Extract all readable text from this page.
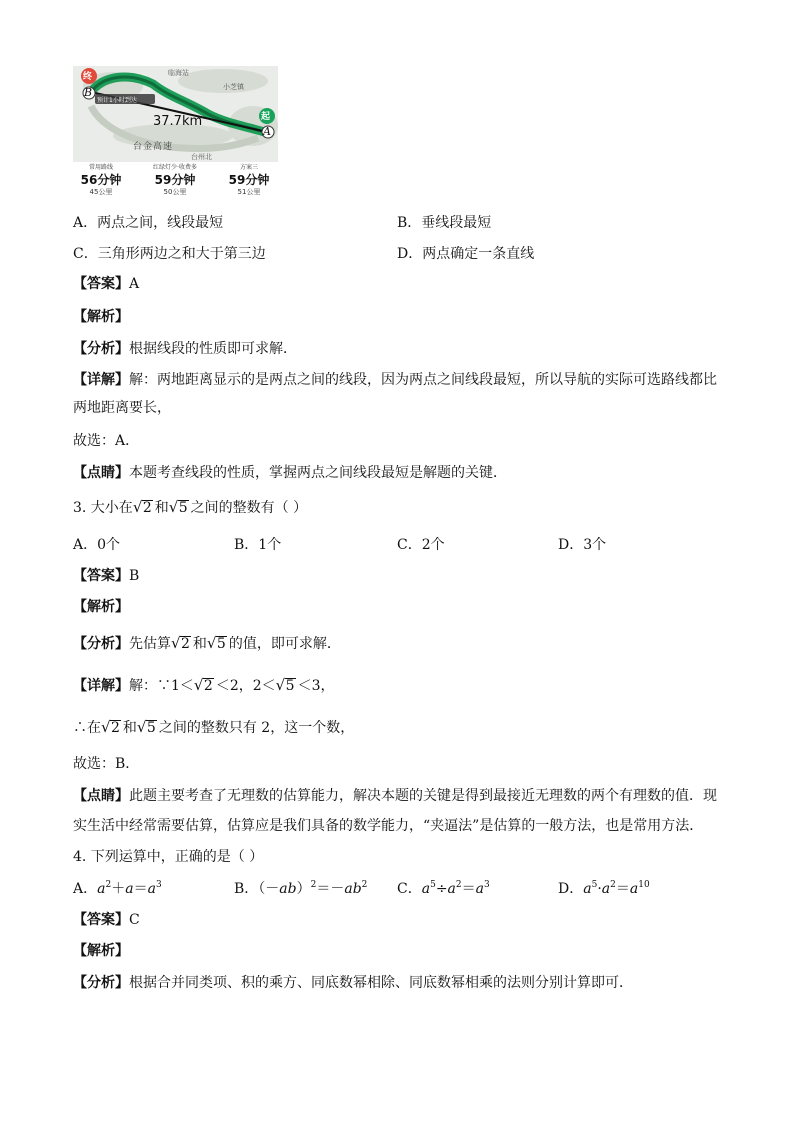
终
起
B
A
37.7km
临海站
小芝镇
台金高速
台州北
预计1小时到达
常用路线
56分钟
45公里
红绿灯少·收费多
59分钟
50公里
方案三
59分钟
51公里
A．两点之间，线段最短	B．垂线段最短
C．三角形两边之和大于第三边	D．两点确定一条直线
【答案】A
【解析】
【分析】根据线段的性质即可求解．
【详解】解：两地距离显示的是两点之间的线段，因为两点之间线段最短，所以导航的实际可选路线都比
两地距离要长，
故选：A．
【点睛】本题考查线段的性质，掌握两点之间线段最短是解题的关键．
3. 大小在 √ 2 和 √ 5 之间的整数有（ ）
A．0个	B．1个	C．2个	D．3个
【答案】B
【解析】
【分析】先估算 √ 2 和 √ 5 的值，即可求解．
【详解】解：∵1＜ √ 2 ＜2，2＜ √ 5 ＜3，
∴在 √ 2 和 √ 5 之间的整数只有 2，这一个数，
故选：B．
【点睛】此题主要考查了无理数的估算能力，解决本题的关键是得到最接近无理数的两个有理数的值．现
实生活中经常需要估算，估算应是我们具备的数学能力，“夹逼法”是估算的一般方法，也是常用方法．
4. 下列运算中，正确的是（ ）
A．$a^2+a=a^3$	B．$(-ab)^2=-ab^2$ C．$a^5\div a^2=a^3$	D．$a^5\cdot a^2=a^{10}$
【答案】C
【解析】
【分析】根据合并同类项、积的乘方、同底数幂相除、同底数幂相乘的法则分别计算即可．
